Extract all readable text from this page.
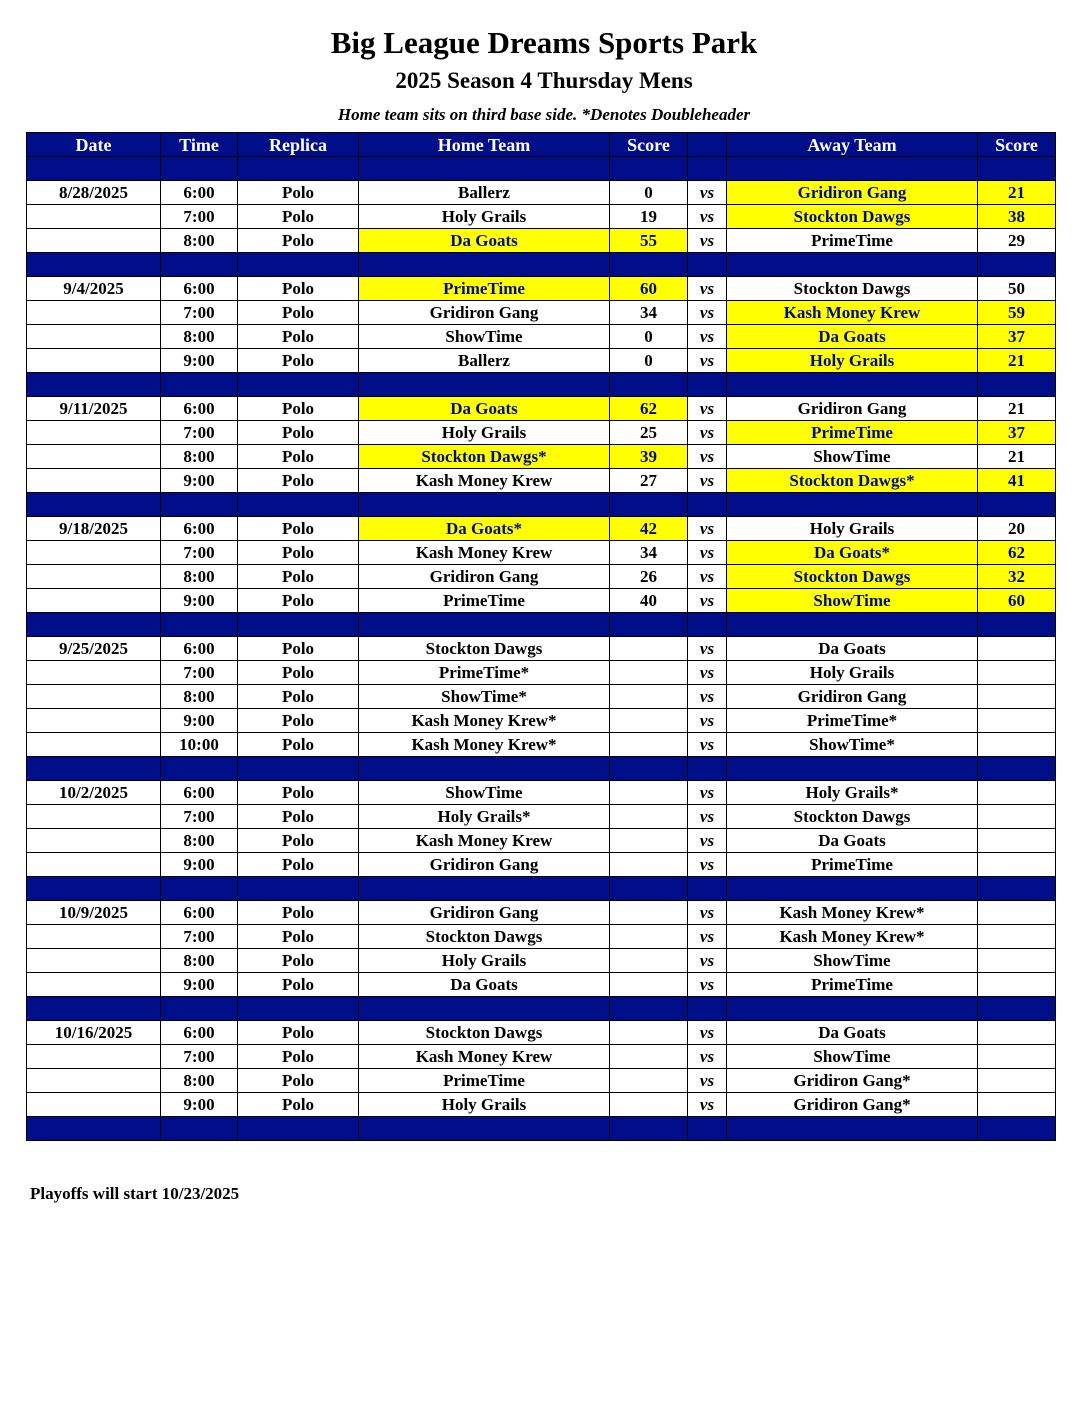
Big League Dreams Sports Park
2025 Season 4 Thursday Mens
Home team sits on third base side. *Denotes Doubleheader
Date	Time	Replica	Home Team	Score		Away Team	Score

8/28/2025	6:00	Polo	Ballerz	0	vs	Gridiron Gang	21
	7:00	Polo	Holy Grails	19	vs	Stockton Dawgs	38
	8:00	Polo	Da Goats	55	vs	PrimeTime	29

9/4/2025	6:00	Polo	PrimeTime	60	vs	Stockton Dawgs	50
	7:00	Polo	Gridiron Gang	34	vs	Kash Money Krew	59
	8:00	Polo	ShowTime	0	vs	Da Goats	37
	9:00	Polo	Ballerz	0	vs	Holy Grails	21

9/11/2025	6:00	Polo	Da Goats	62	vs	Gridiron Gang	21
	7:00	Polo	Holy Grails	25	vs	PrimeTime	37
	8:00	Polo	Stockton Dawgs*	39	vs	ShowTime	21
	9:00	Polo	Kash Money Krew	27	vs	Stockton Dawgs*	41

9/18/2025	6:00	Polo	Da Goats*	42	vs	Holy Grails	20
	7:00	Polo	Kash Money Krew	34	vs	Da Goats*	62
	8:00	Polo	Gridiron Gang	26	vs	Stockton Dawgs	32
	9:00	Polo	PrimeTime	40	vs	ShowTime	60

9/25/2025	6:00	Polo	Stockton Dawgs		vs	Da Goats	
	7:00	Polo	PrimeTime*		vs	Holy Grails	
	8:00	Polo	ShowTime*		vs	Gridiron Gang	
	9:00	Polo	Kash Money Krew*		vs	PrimeTime*	
	10:00	Polo	Kash Money Krew*		vs	ShowTime*	

10/2/2025	6:00	Polo	ShowTime		vs	Holy Grails*	
	7:00	Polo	Holy Grails*		vs	Stockton Dawgs	
	8:00	Polo	Kash Money Krew		vs	Da Goats	
	9:00	Polo	Gridiron Gang		vs	PrimeTime	

10/9/2025	6:00	Polo	Gridiron Gang		vs	Kash Money Krew*	
	7:00	Polo	Stockton Dawgs		vs	Kash Money Krew*	
	8:00	Polo	Holy Grails		vs	ShowTime	
	9:00	Polo	Da Goats		vs	PrimeTime	

10/16/2025	6:00	Polo	Stockton Dawgs		vs	Da Goats	
	7:00	Polo	Kash Money Krew		vs	ShowTime	
	8:00	Polo	PrimeTime		vs	Gridiron Gang*	
	9:00	Polo	Holy Grails		vs	Gridiron Gang*	

Playoffs will start 10/23/2025
